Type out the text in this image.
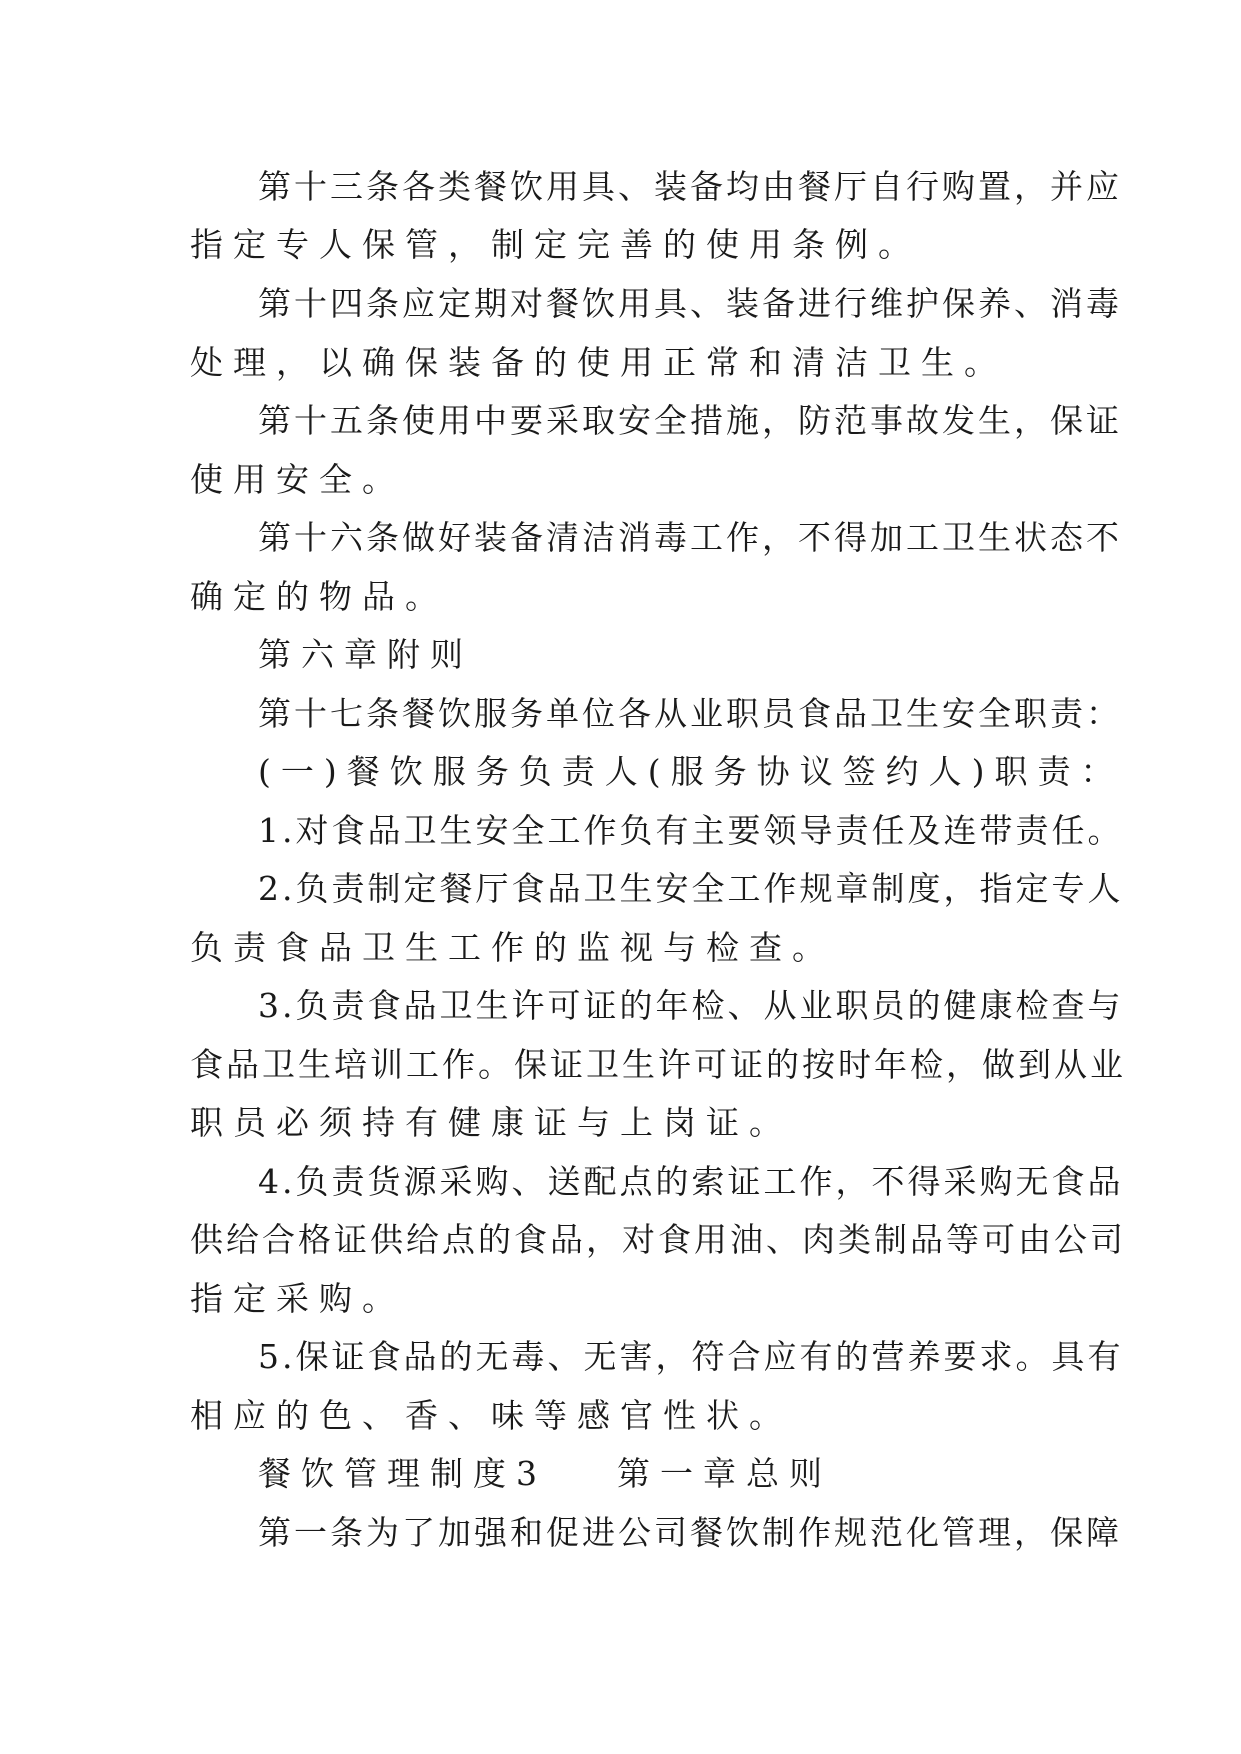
第十三条各类餐饮用具、装备均由餐厅自行购置，并应
指定专人保管，制定完善的使用条例。
第十四条应定期对餐饮用具、装备进行维护保养、消毒
处理，以确保装备的使用正常和清洁卫生。
第十五条使用中要采取安全措施，防范事故发生，保证
使用安全。
第十六条做好装备清洁消毒工作，不得加工卫生状态不
确定的物品。
第六章附则
第十七条餐饮服务单位各从业职员食品卫生安全职责：
(一)餐饮服务负责人(服务协议签约人)职责：
1.对食品卫生安全工作负有主要领导责任及连带责任。
2.负责制定餐厅食品卫生安全工作规章制度，指定专人
负责食品卫生工作的监视与检查。
3.负责食品卫生许可证的年检、从业职员的健康检查与
食品卫生培训工作。保证卫生许可证的按时年检，做到从业
职员必须持有健康证与上岗证。
4.负责货源采购、送配点的索证工作，不得采购无食品
供给合格证供给点的食品，对食用油、肉类制品等可由公司
指定采购。
5.保证食品的无毒、无害，符合应有的营养要求。具有
相应的色、香、味等感官性状。
餐饮管理制度3 第一章总则
第一条为了加强和促进公司餐饮制作规范化管理，保障
